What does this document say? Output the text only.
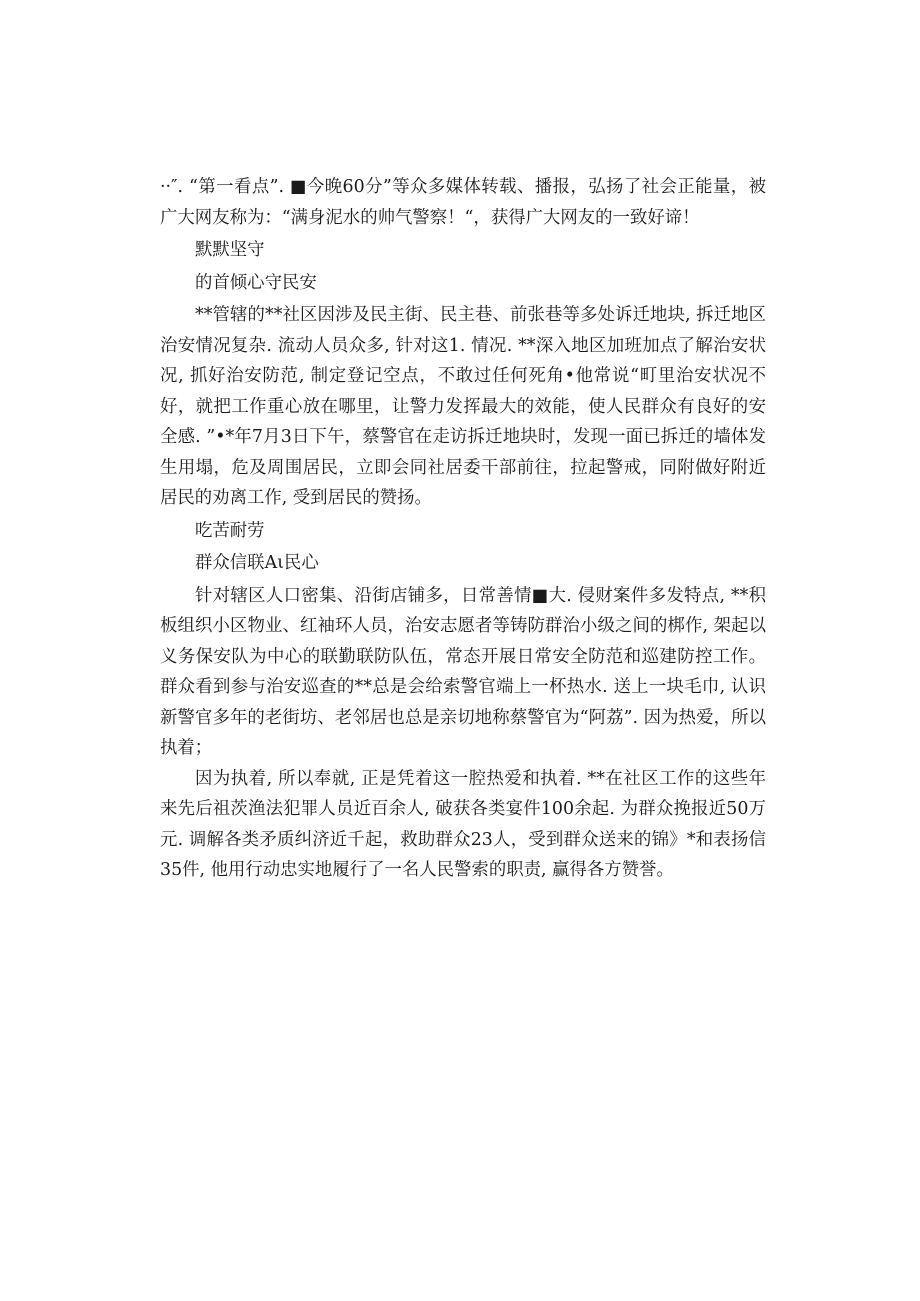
··″. “第一看点”. ■今晚60分”等众多媒体转载、播报，弘扬了社会正能量，被广大网友称为：“满身泥水的帅气警察！“，获得广大网友的一致好谛！

默默坚守

的首倾心守民安

**管辖的**社区因涉及民主街、民主巷、前张巷等多处诉迁地块, 拆迁地区治安情况复杂. 流动人员众多, 针对这1. 情况. **深入地区加班加点了解治安状况, 抓好治安防范, 制定登记空点，不敢过任何死角•他常说“町里治安状况不好，就把工作重心放在哪里，让警力发挥最大的效能，使人民群众有良好的安全感. ”•*年7月3日下午，蔡警官在走访拆迁地块时，发现一面已拆迁的墙体发生用塌，危及周围居民，立即会同社居委干部前往，拉起警戒，同附做好附近居民的劝离工作, 受到居民的赞扬。

吃苦耐劳

群众信联Aι民心

针对辖区人口密集、沿街店铺多，日常善情■大. 侵财案件多发特点, **积板组织小区物业、红袖环人员，治安志愿者等铸防群治小级之间的梆作, 架起以义务保安队为中心的联勤联防队伍，常态开展日常安全防范和巡建防控工作。群众看到参与治安巡查的**总是会给索警官端上一杯热水. 送上一块毛巾, 认识新警官多年的老街坊、老邻居也总是亲切地称蔡警官为“阿荔”. 因为热爱，所以执着；

因为执着, 所以奉就, 正是凭着这一腔热爱和执着. **在社区工作的这些年来先后祖茨渔法犯罪人员近百余人, 破获各类宴件100余起. 为群众挽报近50万元. 调解各类矛质纠济近千起，救助群众23人，受到群众送来的锦》*和表扬信35件, 他用行动忠实地履行了一名人民警索的职责, 赢得各方赞誉。
